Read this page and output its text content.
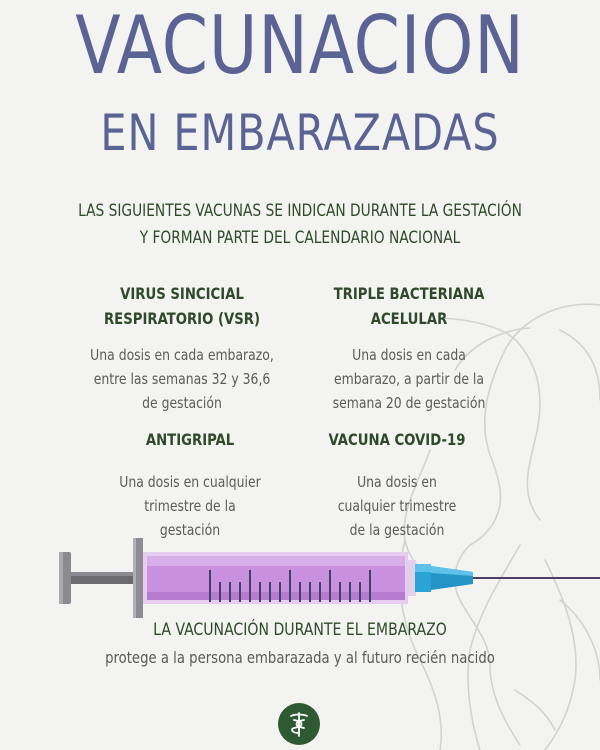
VACUNACION
EN EMBARAZADAS
LAS SIGUIENTES VACUNAS SE INDICAN DURANTE LA GESTACIÓN
Y FORMAN PARTE DEL CALENDARIO NACIONAL
VIRUS SINCICIAL
RESPIRATORIO (VSR)
Una dosis en cada embarazo,
entre las semanas 32 y 36,6
de gestación
TRIPLE BACTERIANA
ACELULAR
Una dosis en cada
embarazo, a partir de la
semana 20 de gestación
ANTIGRIPAL
Una dosis en cualquier
trimestre de la
gestación
VACUNA COVID-19
Una dosis en
cualquier trimestre
de la gestación
LA VACUNACIÓN DURANTE EL EMBARAZO
protege a la persona embarazada y al futuro recién nacido
